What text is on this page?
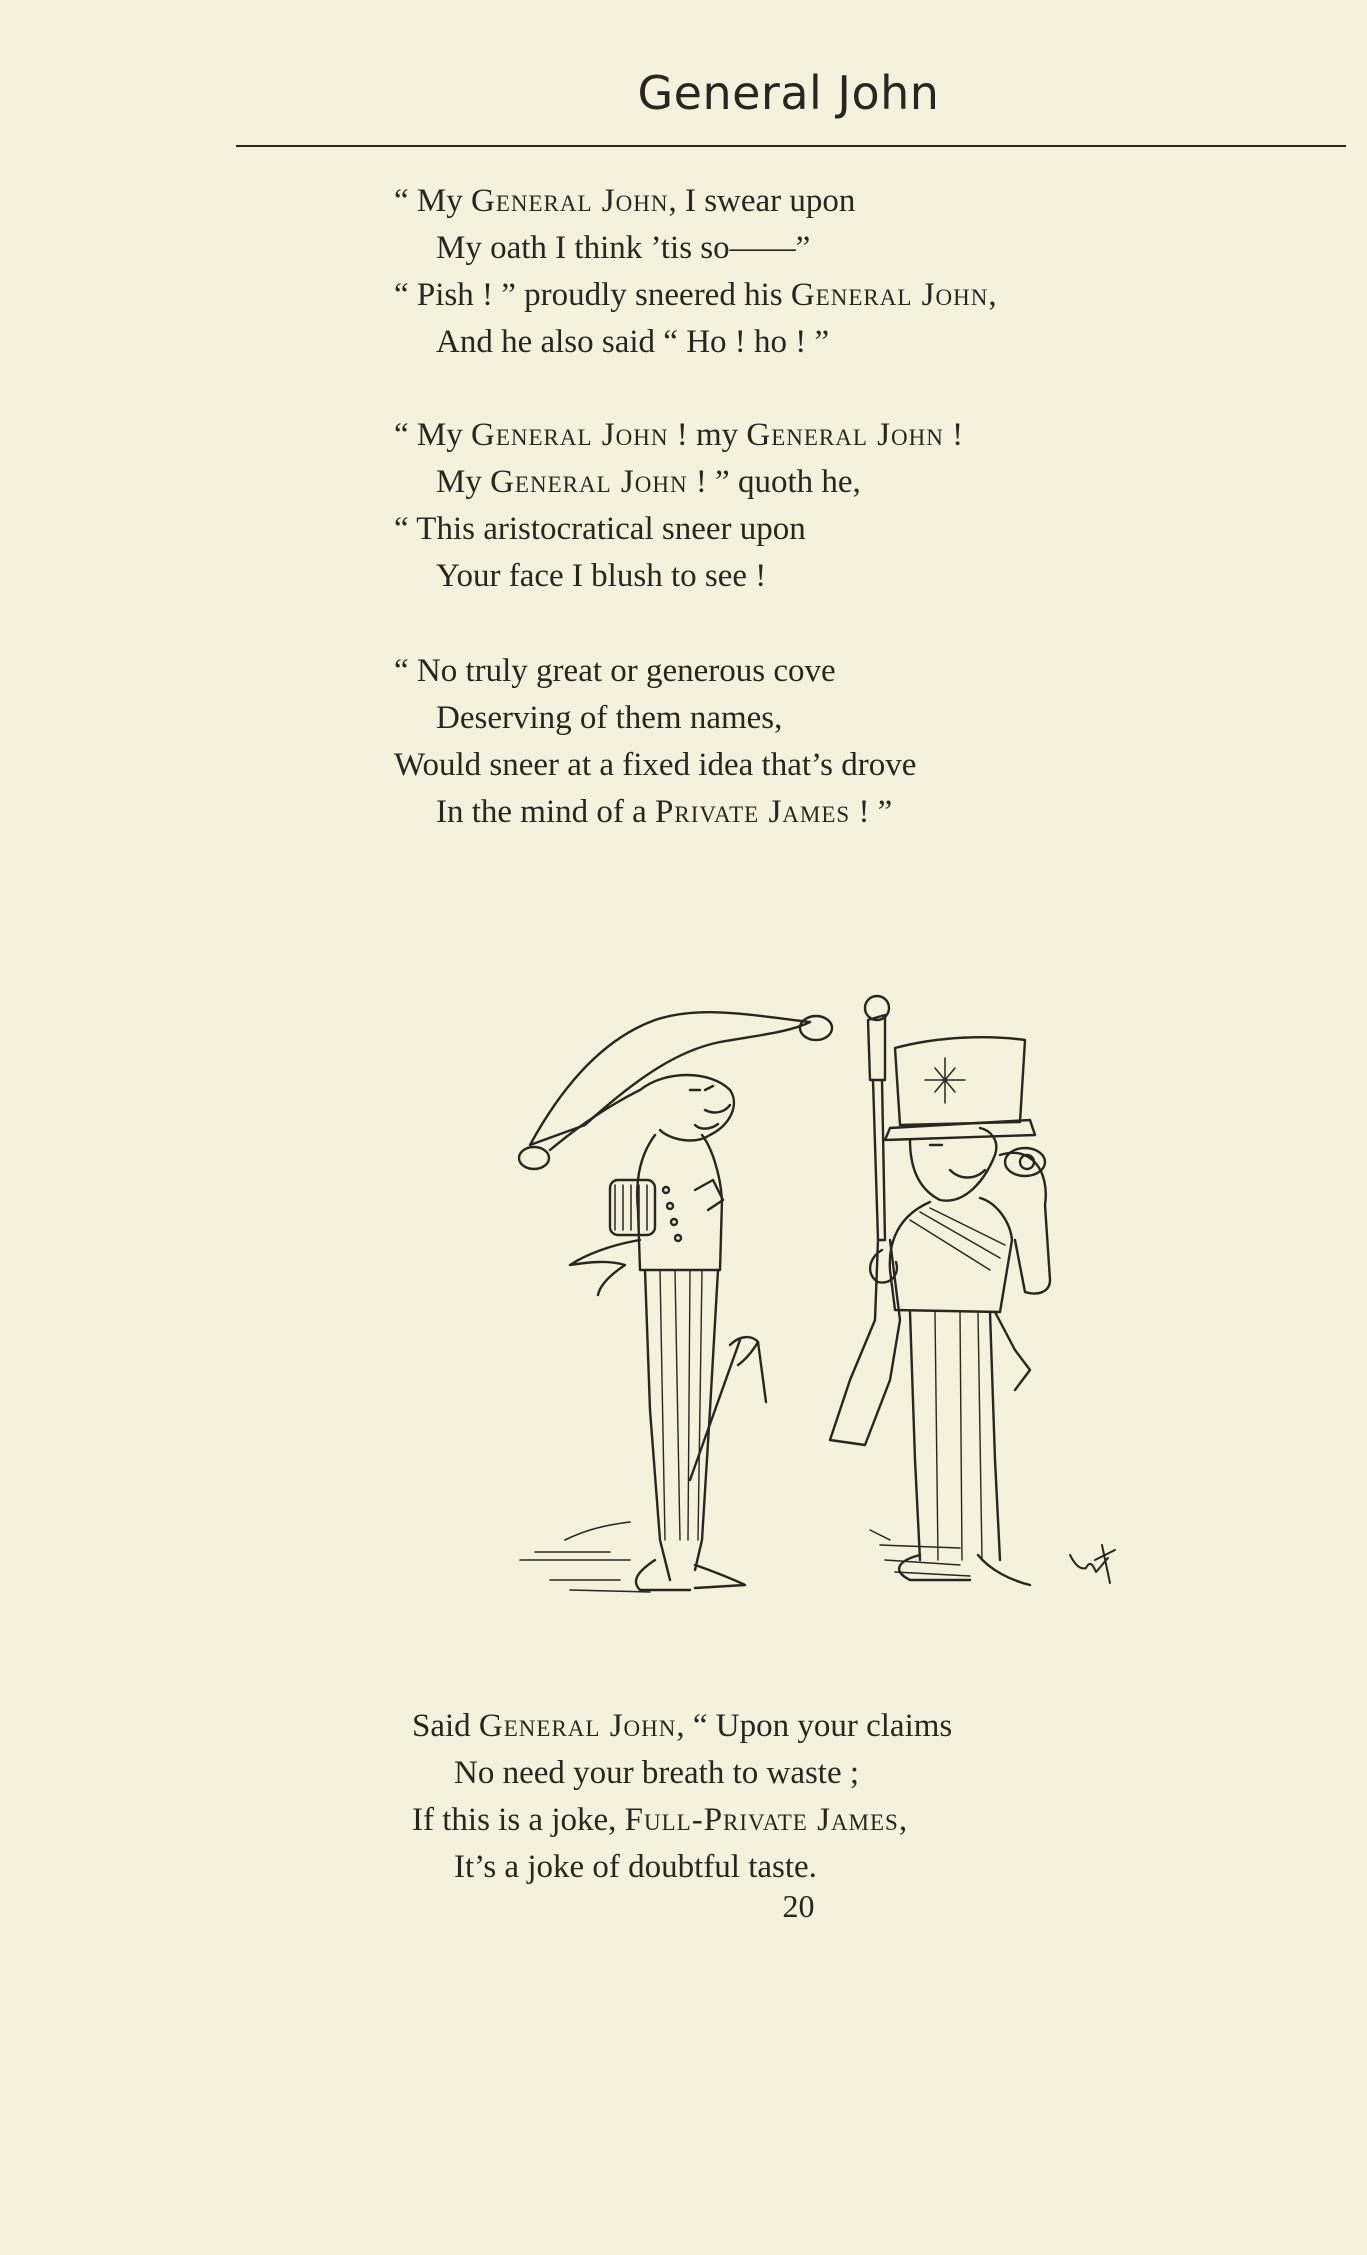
General John
“ My General John, I swear upon
My oath I think ’tis so——”
“ Pish ! ” proudly sneered his General John,
And he also said “ Ho ! ho ! ”
“ My General John ! my General John !
My General John ! ” quoth he,
“ This aristocratical sneer upon
Your face I blush to see !
“ No truly great or generous cove
Deserving of them names,
Would sneer at a fixed idea that’s drove
In the mind of a Private James ! ”
Said General John, “ Upon your claims
No need your breath to waste ;
If this is a joke, Full-Private James,
It’s a joke of doubtful taste.
20
